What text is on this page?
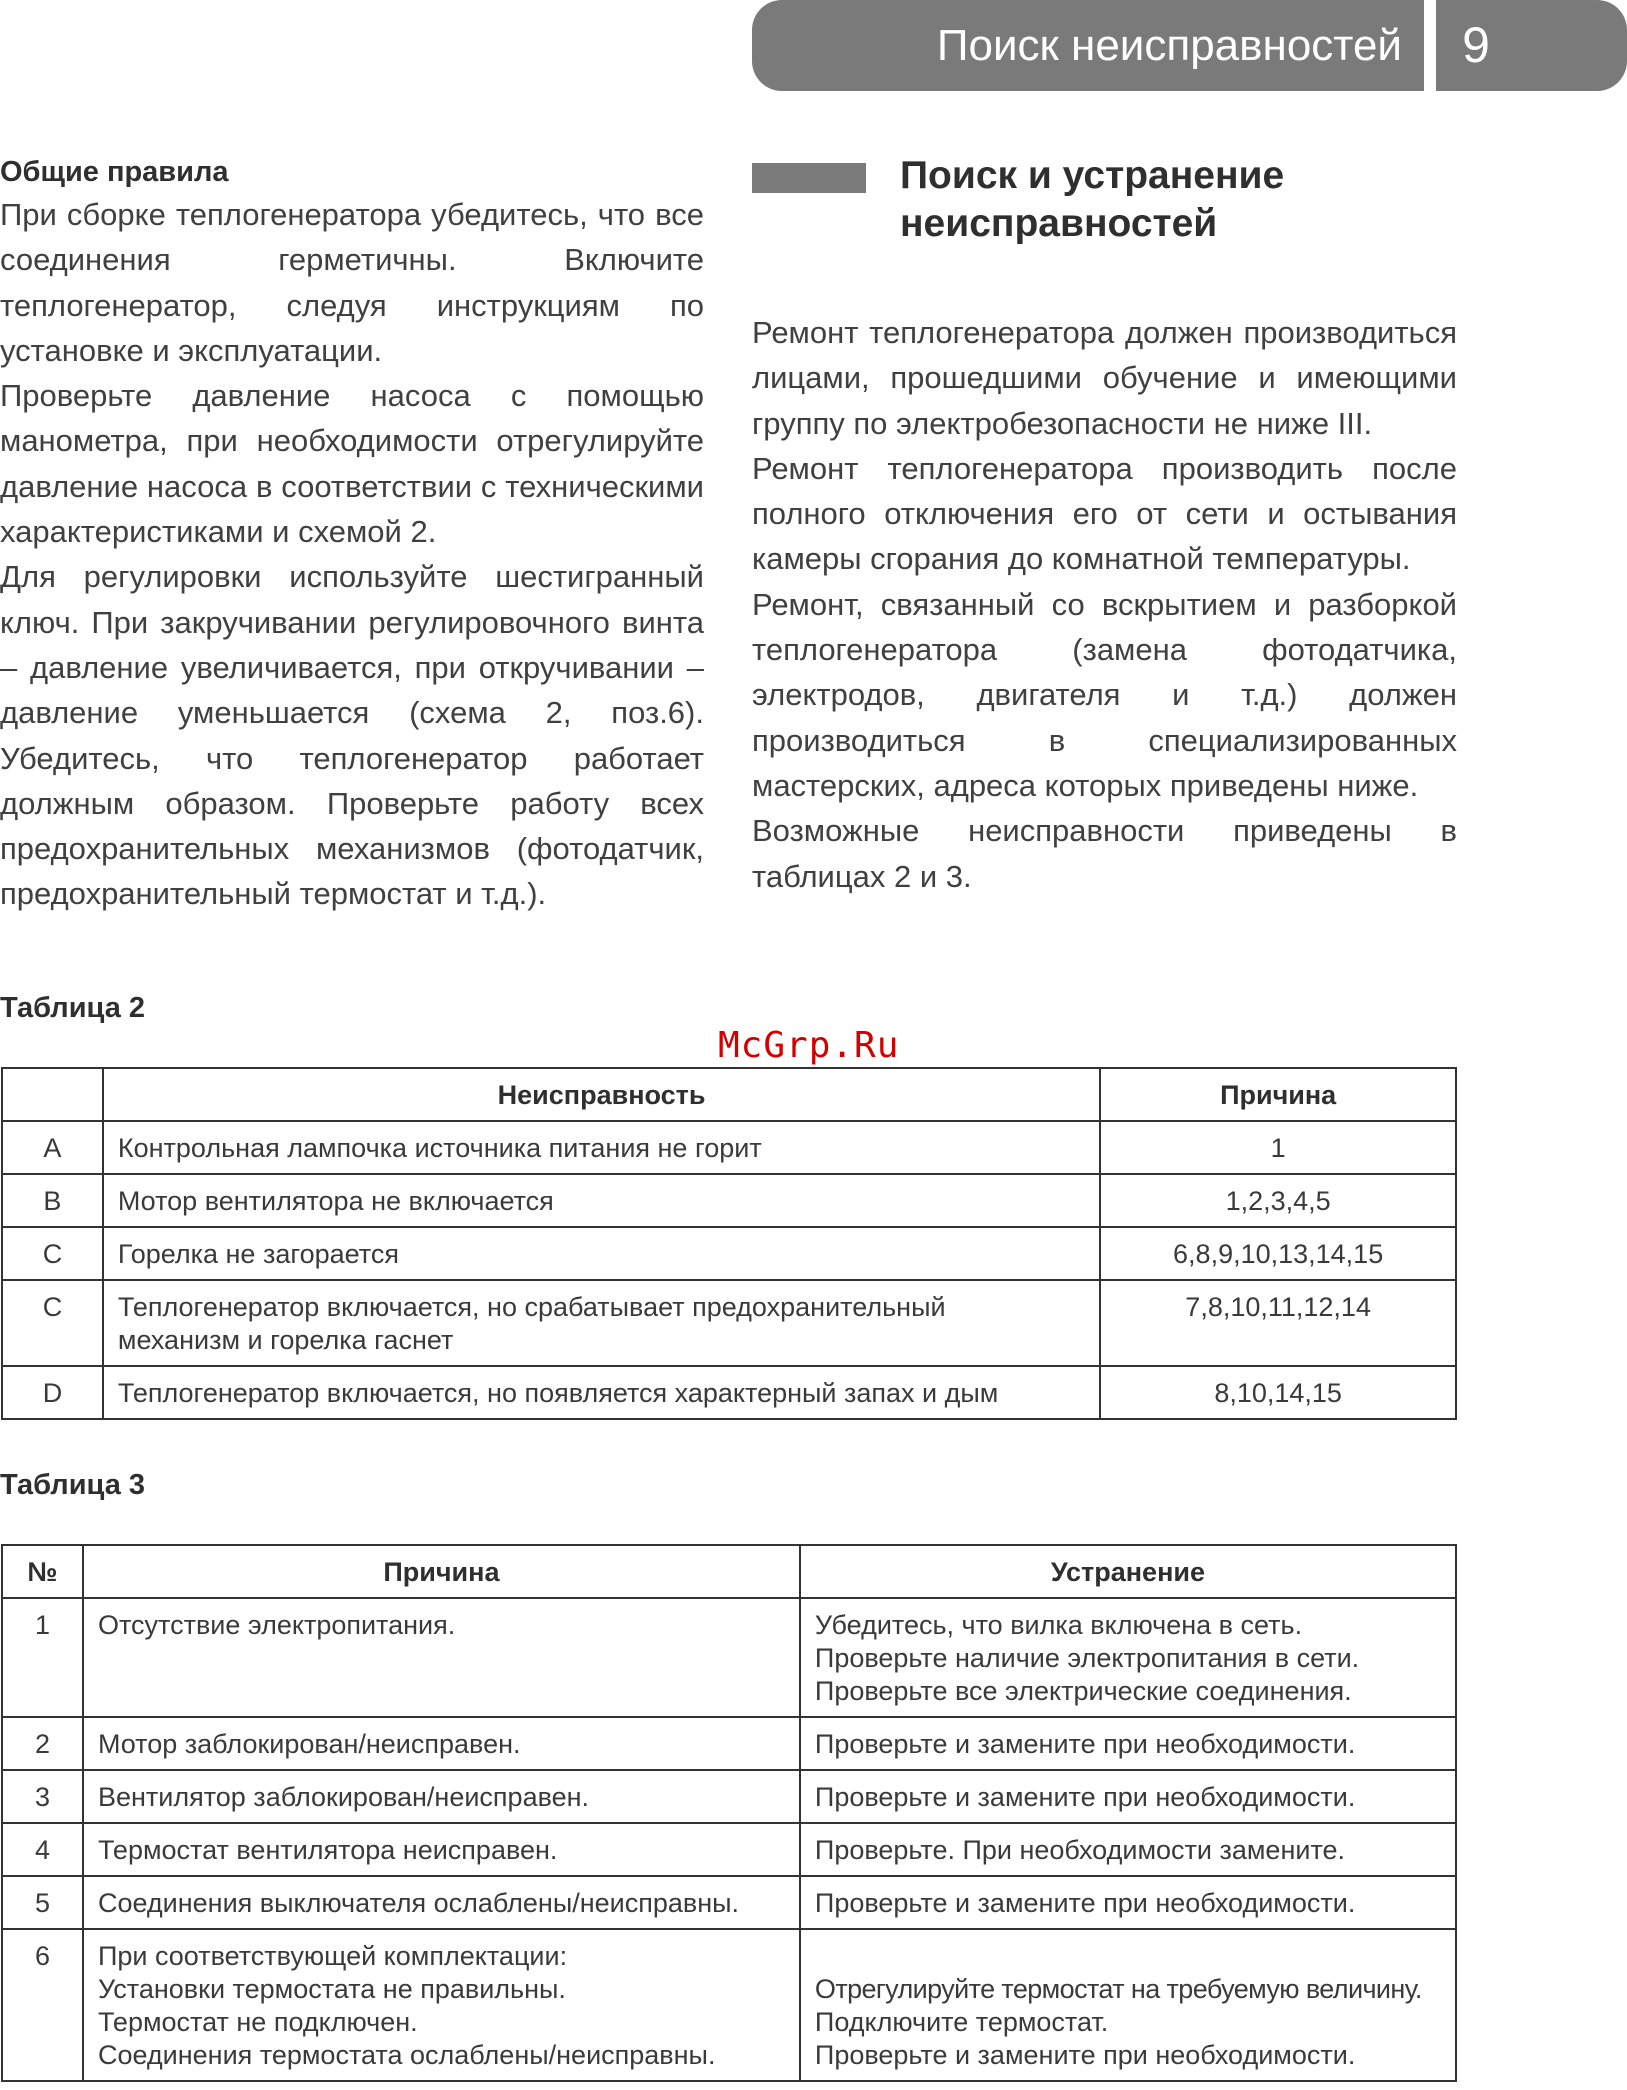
Поиск неисправностей	9
Общие правила

При сборке теплогенератора убедитесь, что все соединения герметичны. Включите теплогенератор, следуя инструкциям по установке и эксплуатации.

Проверьте давление насоса с помощью манометра, при необходимости отрегулируйте давление насоса в соответствии с техническими характеристиками и схемой 2.

Для регулировки используйте шестигранный ключ. При закручивании регулировочного винта – давление увеличивается, при откручивании – давление уменьшается (схема 2, поз.6). Убедитесь, что теплогенератор работает должным образом. Проверьте работу всех предохранительных механизмов (фотодатчик, предохранительный термостат и т.д.).

Поиск и устранение неисправностей

Ремонт теплогенератора должен производиться лицами, прошедшими обучение и имеющими группу по электробезопасности не ниже III.

Ремонт теплогенератора производить после полного отключения его от сети и остывания камеры сгорания до комнатной температуры.

Ремонт, связанный со вскрытием и разборкой теплогенератора (замена фотодатчика, электродов, двигателя и т.д.) должен производиться в специализированных мастерских, адреса которых приведены ниже.

Возможные неисправности приведены в таблицах 2 и 3.

Таблица 2
McGrp.Ru
	Неисправность	Причина
A	Контрольная лампочка источника питания не горит	1
B	Мотор вентилятора не включается	1,2,3,4,5
C	Горелка не загорается	6,8,9,10,13,14,15
C	Теплогенератор включается, но срабатывает предохранительный механизм и горелка гаснет	7,8,10,11,12,14
D	Теплогенератор включается, но появляется характерный запах и дым	8,10,14,15
Таблица 3
№	Причина	Устранение
1	Отсутствие электропитания.	Убедитесь, что вилка включена в сеть.
Проверьте наличие электропитания в сети.
Проверьте все электрические соединения.

2	Мотор заблокирован/неисправен.	Проверьте и замените при необходимости.

3	Вентилятор заблокирован/неисправен.	Проверьте и замените при необходимости.

4	Термостат вентилятора неисправен.	Проверьте. При необходимости замените.

5	Соединения выключателя ослаблены/неисправны.	Проверьте и замените при необходимости.

6	При соответствующей комплектации:
Установки термостата не правильны.
Термостат не подключен.
Соединения термостата ослаблены/неисправны.	Отрегулируйте термостат на требуемую величину.
Подключите термостат.
Проверьте и замените при необходимости.
